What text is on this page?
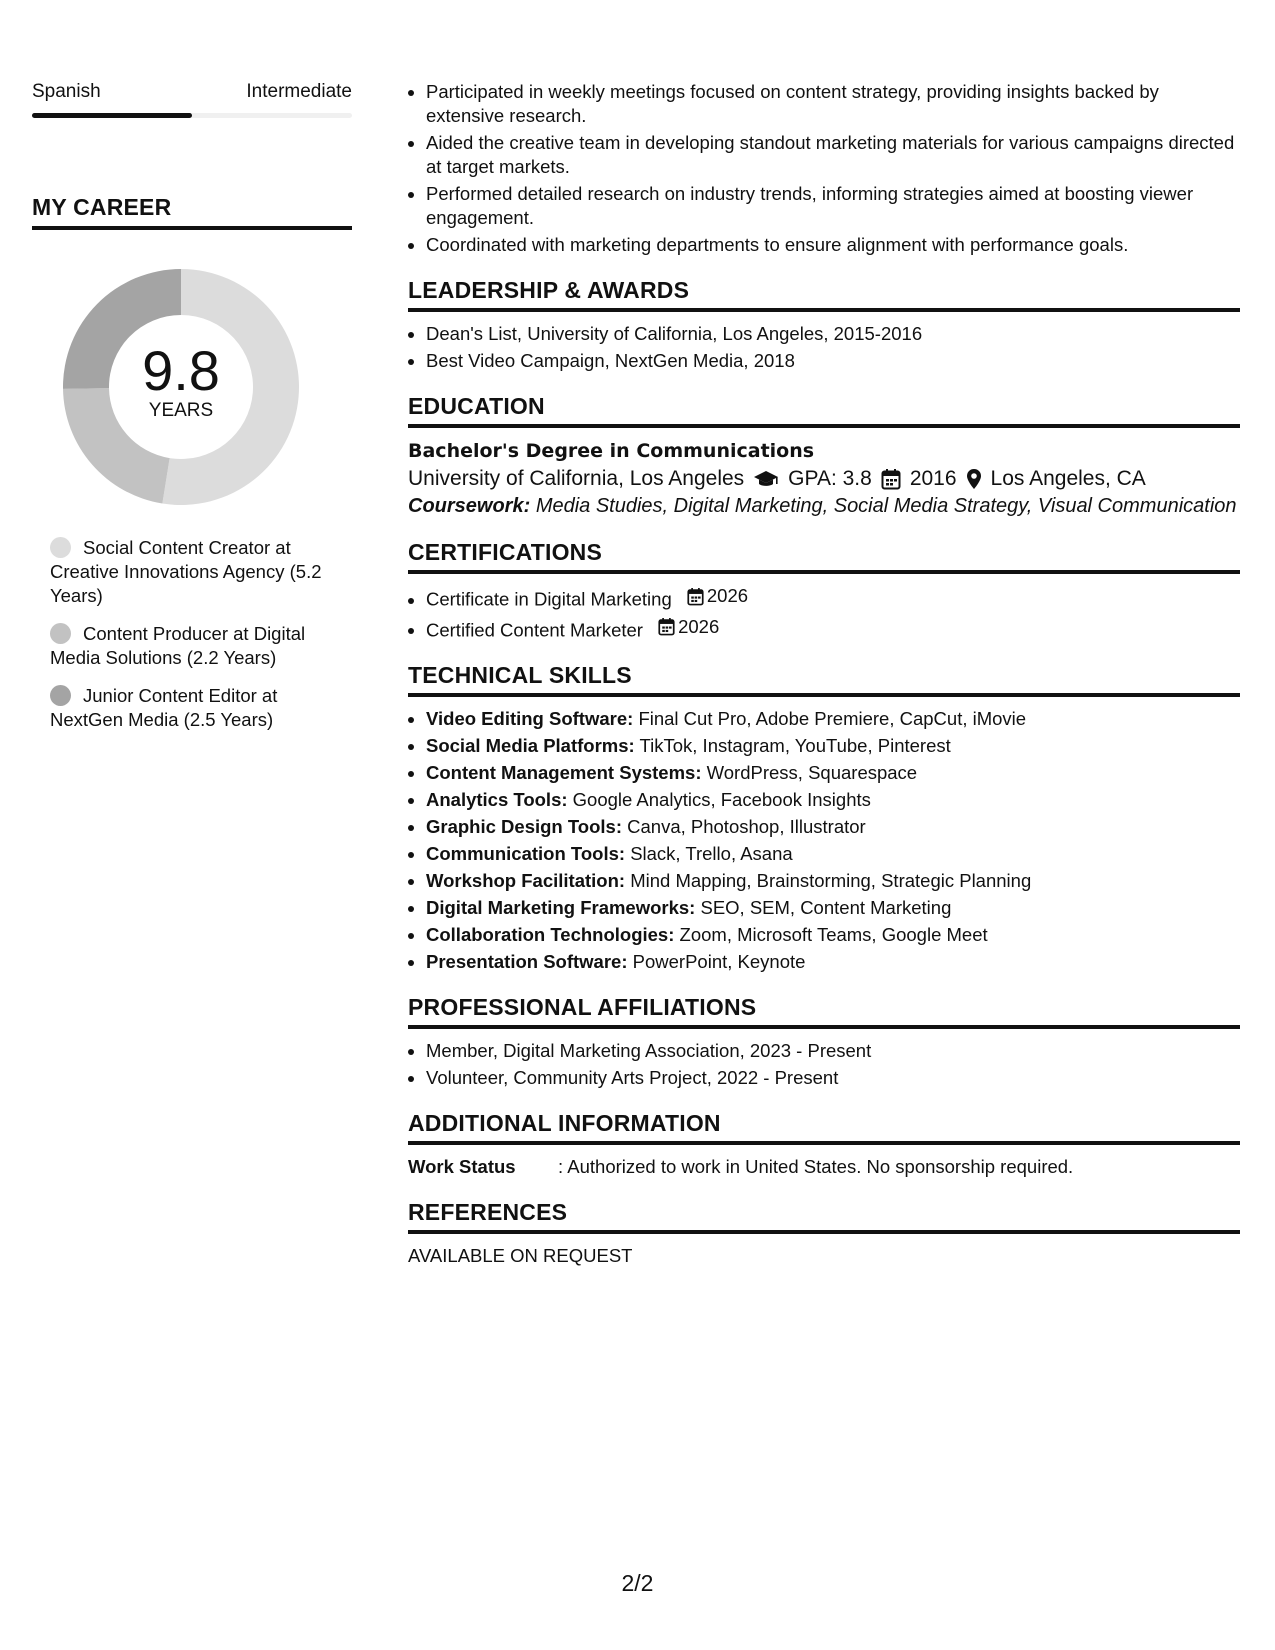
Spanish	Intermediate
MY CAREER
9.8
YEARS
Social Content Creator at Creative Innovations Agency (5.2 Years)
Content Producer at Digital Media Solutions (2.2 Years)
Junior Content Editor at NextGen Media (2.5 Years)
• Participated in weekly meetings focused on content strategy, providing insights backed by extensive research.
• Aided the creative team in developing standout marketing materials for various campaigns directed at target markets.
• Performed detailed research on industry trends, informing strategies aimed at boosting viewer engagement.
• Coordinated with marketing departments to ensure alignment with performance goals.
LEADERSHIP & AWARDS
• Dean's List, University of California, Los Angeles, 2015-2016
• Best Video Campaign, NextGen Media, 2018
EDUCATION
Bachelor's Degree in Communications
University of California, Los Angeles GPA: 3.8 2016 Los Angeles, CA
Coursework: Media Studies, Digital Marketing, Social Media Strategy, Visual Communication
CERTIFICATIONS
• Certificate in Digital Marketing 2026
• Certified Content Marketer 2026
TECHNICAL SKILLS
• Video Editing Software: Final Cut Pro, Adobe Premiere, CapCut, iMovie
• Social Media Platforms: TikTok, Instagram, YouTube, Pinterest
• Content Management Systems: WordPress, Squarespace
• Analytics Tools: Google Analytics, Facebook Insights
• Graphic Design Tools: Canva, Photoshop, Illustrator
• Communication Tools: Slack, Trello, Asana
• Workshop Facilitation: Mind Mapping, Brainstorming, Strategic Planning
• Digital Marketing Frameworks: SEO, SEM, Content Marketing
• Collaboration Technologies: Zoom, Microsoft Teams, Google Meet
• Presentation Software: PowerPoint, Keynote
PROFESSIONAL AFFILIATIONS
• Member, Digital Marketing Association, 2023 - Present
• Volunteer, Community Arts Project, 2022 - Present
ADDITIONAL INFORMATION
Work Status	: Authorized to work in United States. No sponsorship required.
REFERENCES
AVAILABLE ON REQUEST
2/2
